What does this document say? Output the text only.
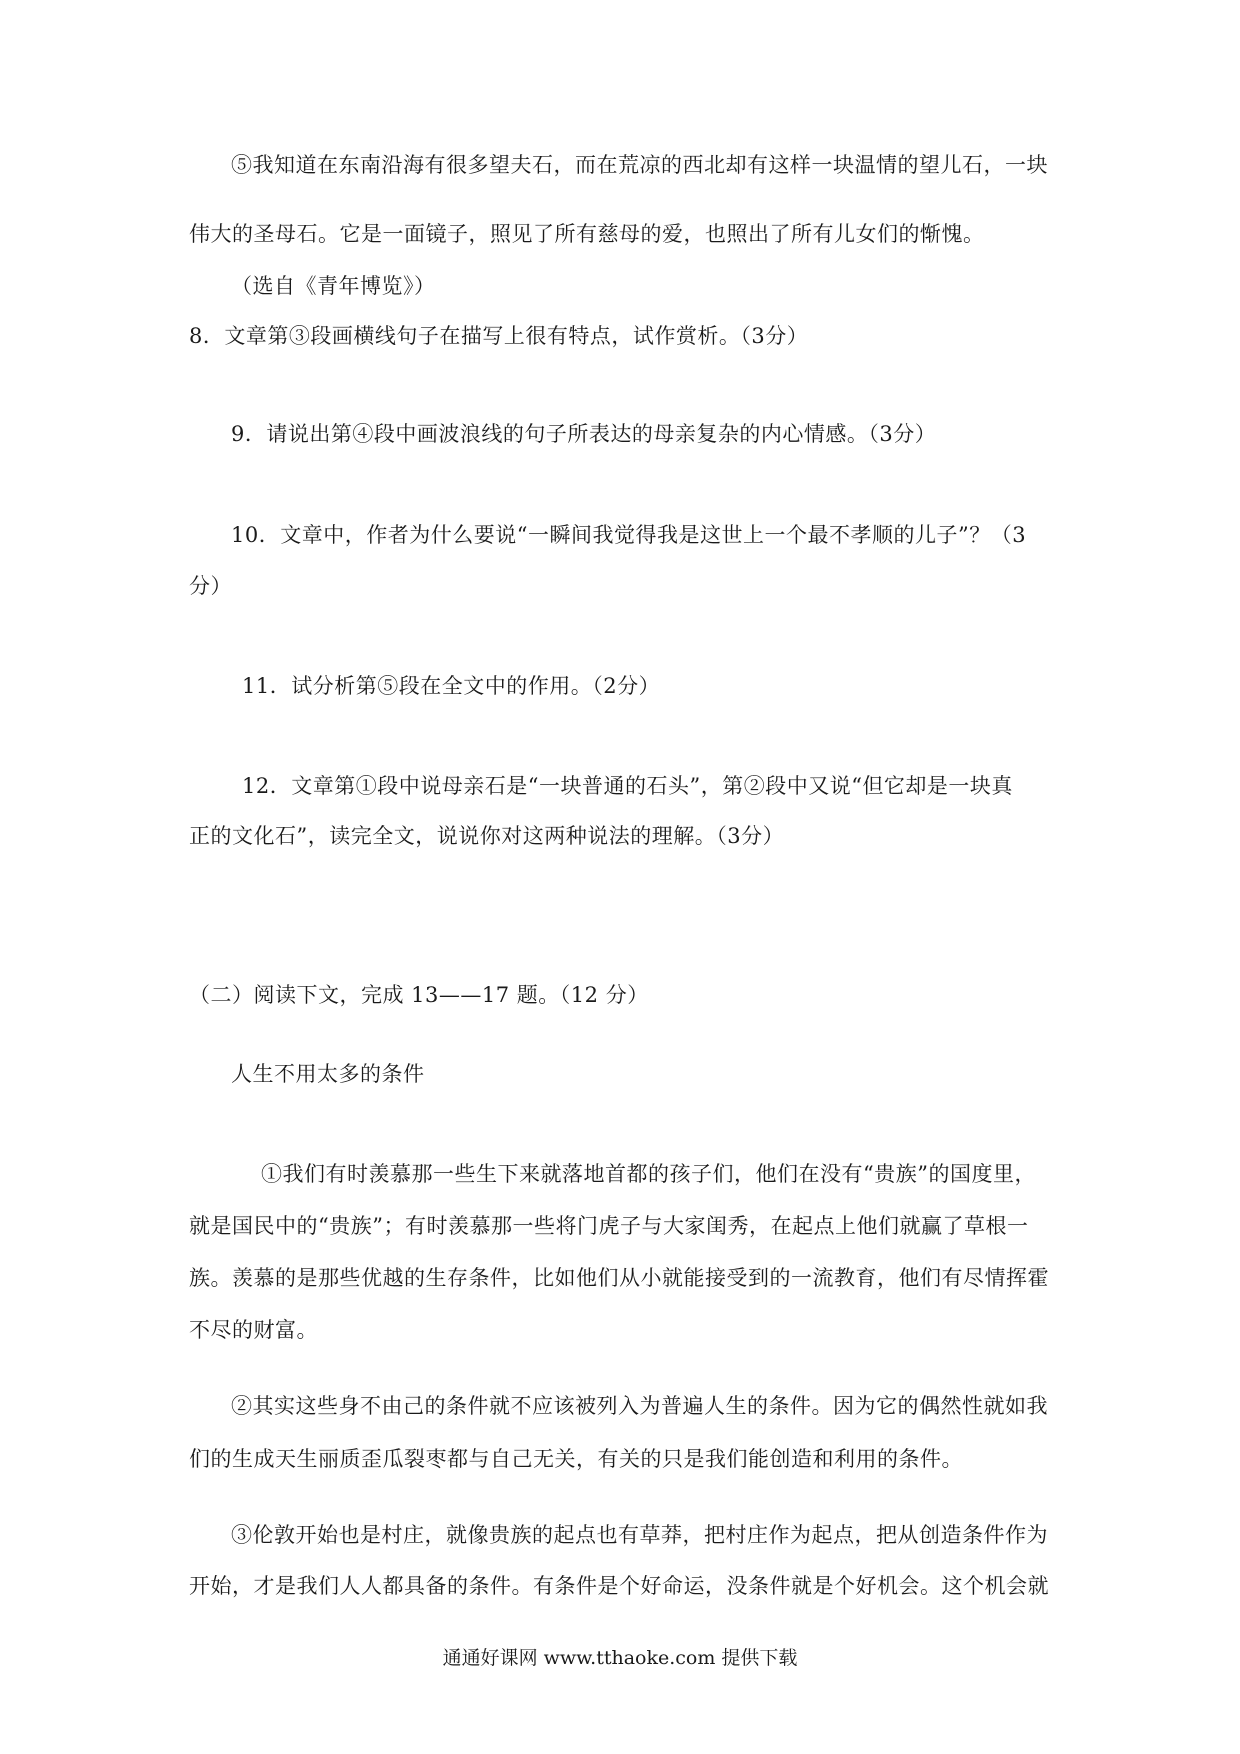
⑤我知道在东南沿海有很多望夫石，而在荒凉的西北却有这样一块温情的望儿石，一块
伟大的圣母石。它是一面镜子，照见了所有慈母的爱，也照出了所有儿女们的惭愧。
（选自《青年博览》）
8．文章第③段画横线句子在描写上很有特点，试作赏析。（3分）
9．请说出第④段中画波浪线的句子所表达的母亲复杂的内心情感。（3分）
10．文章中，作者为什么要说“一瞬间我觉得我是这世上一个最不孝顺的儿子”？（3
分）
11．试分析第⑤段在全文中的作用。（2分）
12．文章第①段中说母亲石是“一块普通的石头”，第②段中又说“但它却是一块真
正的文化石”，读完全文，说说你对这两种说法的理解。（3分）
（二）阅读下文，完成 13——17 题。（12 分）
人生不用太多的条件
①我们有时羡慕那一些生下来就落地首都的孩子们，他们在没有“贵族”的国度里，
就是国民中的“贵族”；有时羡慕那一些将门虎子与大家闺秀，在起点上他们就赢了草根一
族。羡慕的是那些优越的生存条件，比如他们从小就能接受到的一流教育，他们有尽情挥霍
不尽的财富。
②其实这些身不由己的条件就不应该被列入为普遍人生的条件。因为它的偶然性就如我
们的生成天生丽质歪瓜裂枣都与自己无关，有关的只是我们能创造和利用的条件。
③伦敦开始也是村庄，就像贵族的起点也有草莽，把村庄作为起点，把从创造条件作为
开始，才是我们人人都具备的条件。有条件是个好命运，没条件就是个好机会。这个机会就
通通好课网 www.tthaoke.com 提供下载
